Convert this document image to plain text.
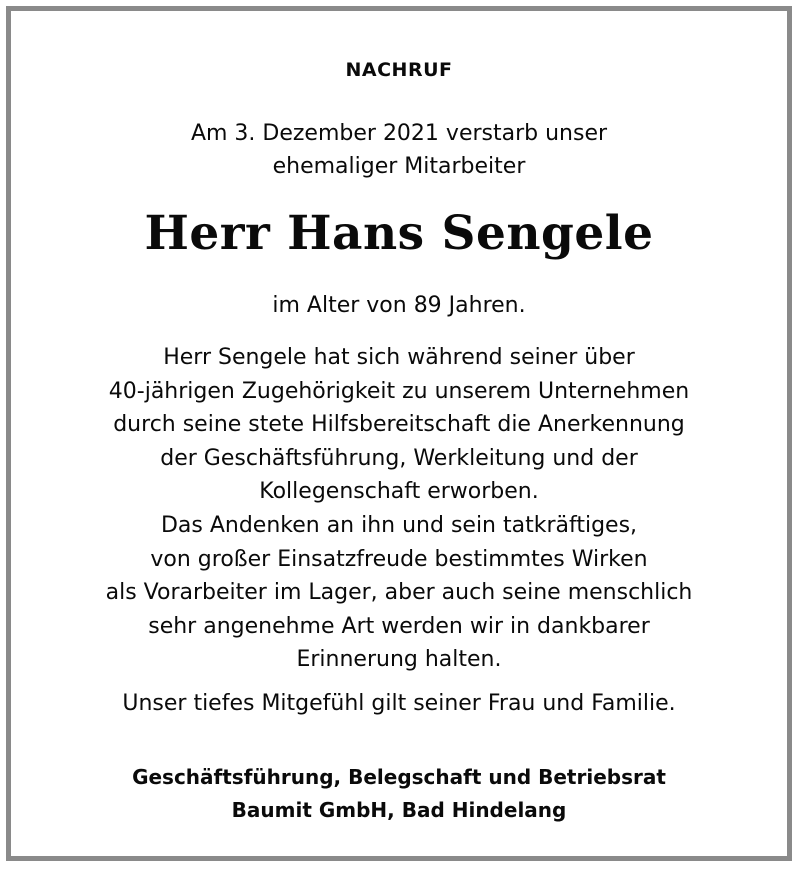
NACHRUF
Am 3. Dezember 2021 verstarb unser
ehemaliger Mitarbeiter
Herr Hans Sengele
im Alter von 89 Jahren.
Herr Sengele hat sich während seiner über
40-jährigen Zugehörigkeit zu unserem Unternehmen
durch seine stete Hilfsbereitschaft die Anerkennung
der Geschäftsführung, Werkleitung und der
Kollegenschaft erworben.
Das Andenken an ihn und sein tatkräftiges,
von großer Einsatzfreude bestimmtes Wirken
als Vorarbeiter im Lager, aber auch seine menschlich
sehr angenehme Art werden wir in dankbarer
Erinnerung halten.
Unser tiefes Mitgefühl gilt seiner Frau und Familie.
Geschäftsführung, Belegschaft und Betriebsrat
Baumit GmbH, Bad Hindelang
